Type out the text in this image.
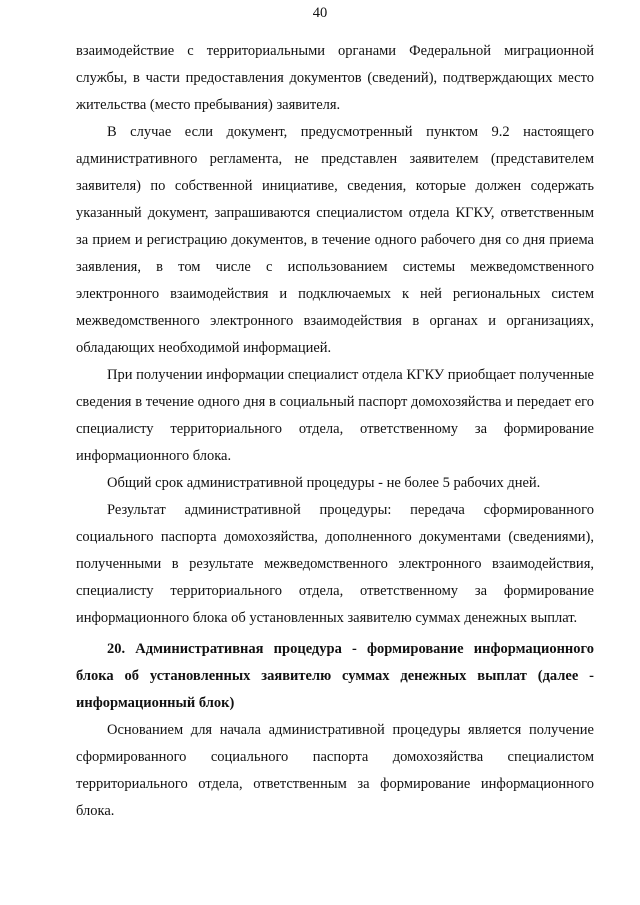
40

взаимодействие с территориальными органами Федеральной миграционной службы, в части предоставления документов (сведений), подтверждающих место жительства (место пребывания) заявителя.

В случае если документ, предусмотренный пунктом 9.2 настоящего административного регламента, не представлен заявителем (представителем заявителя) по собственной инициативе, сведения, которые должен содержать указанный документ, запрашиваются специалистом отдела КГКУ, ответственным за прием и регистрацию документов, в течение одного рабочего дня со дня приема заявления, в том числе с использованием системы межведомственного электронного взаимодействия и подключаемых к ней региональных систем межведомственного электронного взаимодействия в органах и организациях, обладающих необходимой информацией.

При получении информации специалист отдела КГКУ приобщает полученные сведения в течение одного дня в социальный паспорт домохозяйства и передает его специалисту территориального отдела, ответственному за формирование информационного блока.

Общий срок административной процедуры - не более 5 рабочих дней.

Результат административной процедуры: передача сформированного социального паспорта домохозяйства, дополненного документами (сведениями), полученными в результате межведомственного электронного взаимодействия, специалисту территориального отдела, ответственному за формирование информационного блока об установленных заявителю суммах денежных выплат.

20. Административная процедура - формирование информационного блока об установленных заявителю суммах денежных выплат (далее - информационный блок)

Основанием для начала административной процедуры является получение сформированного социального паспорта домохозяйства специалистом территориального отдела, ответственным за формирование информационного блока.
